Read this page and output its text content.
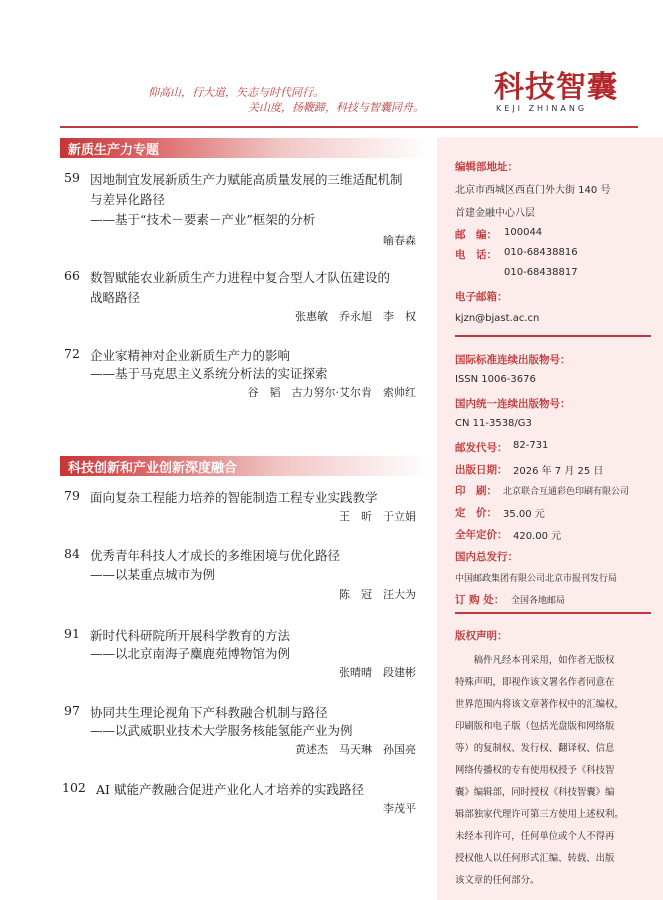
仰高山，行大道，矢志与时代同行。
关山度，扬鞭蹄，科技与智囊同舟。
科技智囊
KEJI ZHINANG
新质生产力专题
59 因地制宜发展新质生产力赋能高质量发展的三维适配机制
与差异化路径
——基于“技术－要素－产业”框架的分析
喻春森
66 数智赋能农业新质生产力进程中复合型人才队伍建设的
战略路径
张惠敏　乔永旭　李　权
72 企业家精神对企业新质生产力的影响
——基于马克思主义系统分析法的实证探索
谷　韬　古力努尔·艾尔肯　索帅红
科技创新和产业创新深度融合
79 面向复杂工程能力培养的智能制造工程专业实践教学
王　昕　于立娟
84 优秀青年科技人才成长的多维困境与优化路径
——以某重点城市为例
陈　冠　汪大为
91 新时代科研院所开展科学教育的方法
——以北京南海子麋鹿苑博物馆为例
张晴晴　段建彬
97 协同共生理论视角下产科教融合机制与路径
——以武威职业技术大学服务核能氢能产业为例
黄述杰　马天琳　孙国亮
102 AI 赋能产教融合促进产业化人才培养的实践路径
李茂平
编辑部地址：
北京市西城区西直门外大街 140 号
首建金融中心八层
邮　编： 100044
电　话： 010-68438816
010-68438817
电子邮箱：
kjzn@bjast.ac.cn
国际标准连续出版物号：
ISSN 1006-3676
国内统一连续出版物号：
CN 11-3538/G3
邮发代号： 82-731
出版日期： 2026 年 7 月 25 日
印　刷： 北京联合互通彩色印刷有限公司
定　价： 35.00 元
全年定价： 420.00 元
国内总发行：
中国邮政集团有限公司北京市报刊发行局
订 购 处： 全国各地邮局
版权声明：
　　稿件凡经本刊采用，如作者无版权
特殊声明，即视作该文署名作者同意在
世界范围内将该文章著作权中的汇编权，
印刷版和电子版（包括光盘版和网络版
等）的复制权、发行权、翻译权、信息
网络传播权的专有使用权授予《科技智
囊》编辑部，同时授权《科技智囊》编
辑部独家代理许可第三方使用上述权利。
未经本刊许可，任何单位或个人不得再
授权他人以任何形式汇编、转载、出版
该文章的任何部分。
